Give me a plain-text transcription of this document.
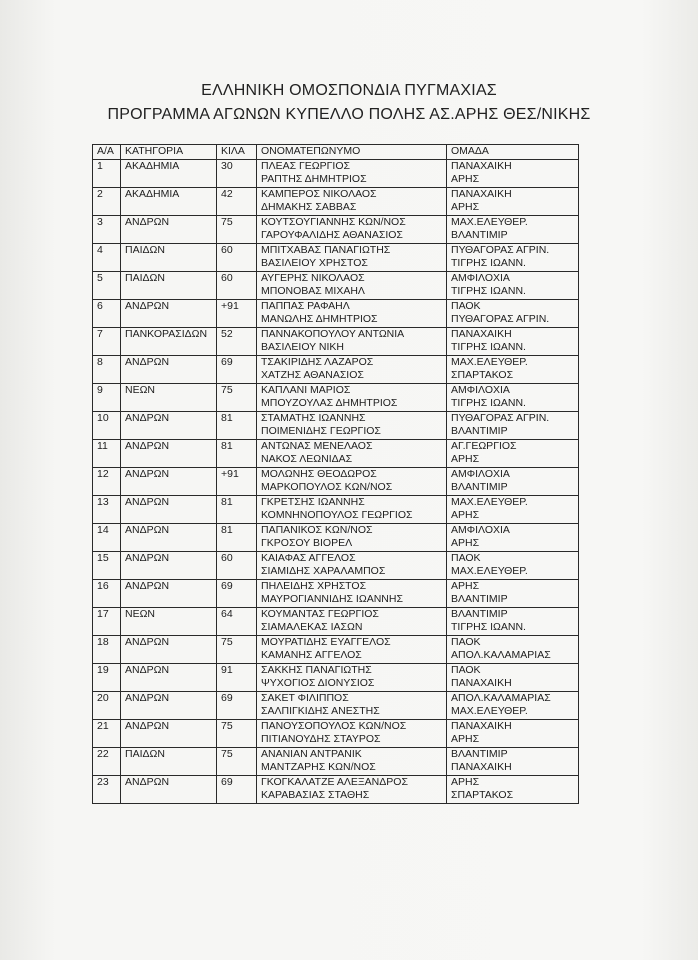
ΕΛΛΗΝΙΚΗ ΟΜΟΣΠΟΝΔΙΑ ΠΥΓΜΑΧΙΑΣ
ΠΡΟΓΡΑΜΜΑ ΑΓΩΝΩΝ ΚΥΠΕΛΛΟ ΠΟΛΗΣ ΑΣ.ΑΡΗΣ ΘΕΣ/ΝΙΚΗΣ
Α/Α	ΚΑΤΗΓΟΡΙΑ	ΚΙΛΑ	ΟΝΟΜΑΤΕΠΩΝΥΜΟ	ΟΜΑΔΑ
1	ΑΚΑΔΗΜΙΑ	30	ΠΛΕΑΣ ΓΕΩΡΓΙΟΣ
ΡΑΠΤΗΣ ΔΗΜΗΤΡΙΟΣ	ΠΑΝΑΧΑΙΚΗ
ΑΡΗΣ

2	ΑΚΑΔΗΜΙΑ	42	ΚΑΜΠΕΡΟΣ ΝΙΚΟΛΑΟΣ
ΔΗΜΑΚΗΣ ΣΑΒΒΑΣ	ΠΑΝΑΧΑΙΚΗ
ΑΡΗΣ

3	ΑΝΔΡΩΝ	75	ΚΟΥΤΣΟΥΓΙΑΝΝΗΣ ΚΩΝ/ΝΟΣ
ΓΑΡΟΥΦΑΛΙΔΗΣ ΑΘΑΝΑΣΙΟΣ	ΜΑΧ.ΕΛΕΥΘΕΡ.
ΒΛΑΝΤΙΜΙΡ

4	ΠΑΙΔΩΝ	60	ΜΠΙΤΧΑΒΑΣ ΠΑΝΑΓΙΩΤΗΣ
ΒΑΣΙΛΕΙΟΥ ΧΡΗΣΤΟΣ	ΠΥΘΑΓΟΡΑΣ ΑΓΡΙΝ.
ΤΙΓΡΗΣ ΙΩΑΝΝ.

5	ΠΑΙΔΩΝ	60	ΑΥΓΕΡΗΣ ΝΙΚΟΛΑΟΣ
ΜΠΟΝΟΒΑΣ ΜΙΧΑΗΛ	ΑΜΦΙΛΟΧΙΑ
ΤΙΓΡΗΣ ΙΩΑΝΝ.

6	ΑΝΔΡΩΝ	+91	ΠΑΠΠΑΣ ΡΑΦΑΗΛ
ΜΑΝΩΛΗΣ ΔΗΜΗΤΡΙΟΣ	ΠΑΟΚ
ΠΥΘΑΓΟΡΑΣ ΑΓΡΙΝ.

7	ΠΑΝΚΟΡΑΣΙΔΩΝ	52	ΠΑΝΝΑΚΟΠΟΥΛΟΥ ΑΝΤΩΝΙΑ
ΒΑΣΙΛΕΙΟΥ ΝΙΚΗ	ΠΑΝΑΧΑΙΚΗ
ΤΙΓΡΗΣ ΙΩΑΝΝ.

8	ΑΝΔΡΩΝ	69	ΤΣΑΚΙΡΙΔΗΣ ΛΑΖΑΡΟΣ
ΧΑΤΖΗΣ ΑΘΑΝΑΣΙΟΣ	ΜΑΧ.ΕΛΕΥΘΕΡ.
ΣΠΑΡΤΑΚΟΣ

9	ΝΕΩΝ	75	ΚΑΠΛΑΝΙ ΜΑΡΙΟΣ
ΜΠΟΥΖΟΥΛΑΣ ΔΗΜΗΤΡΙΟΣ	ΑΜΦΙΛΟΧΙΑ
ΤΙΓΡΗΣ ΙΩΑΝΝ.

10	ΑΝΔΡΩΝ	81	ΣΤΑΜΑΤΗΣ ΙΩΑΝΝΗΣ
ΠΟΙΜΕΝΙΔΗΣ ΓΕΩΡΓΙΟΣ	ΠΥΘΑΓΟΡΑΣ ΑΓΡΙΝ.
ΒΛΑΝΤΙΜΙΡ

11	ΑΝΔΡΩΝ	81	ΑΝΤΩΝΑΣ ΜΕΝΕΛΑΟΣ
ΝΑΚΟΣ ΛΕΩΝΙΔΑΣ	ΑΓ.ΓΕΩΡΓΙΟΣ
ΑΡΗΣ

12	ΑΝΔΡΩΝ	+91	ΜΟΛΩΝΗΣ ΘΕΟΔΩΡΟΣ
ΜΑΡΚΟΠΟΥΛΟΣ ΚΩΝ/ΝΟΣ	ΑΜΦΙΛΟΧΙΑ
ΒΛΑΝΤΙΜΙΡ

13	ΑΝΔΡΩΝ	81	ΓΚΡΕΤΣΗΣ ΙΩΑΝΝΗΣ
ΚΟΜΝΗΝΟΠΟΥΛΟΣ ΓΕΩΡΓΙΟΣ	ΜΑΧ.ΕΛΕΥΘΕΡ.
ΑΡΗΣ

14	ΑΝΔΡΩΝ	81	ΠΑΠΑΝΙΚΟΣ ΚΩΝ/ΝΟΣ
ΓΚΡΟΣΟΥ ΒΙΟΡΕΛ	ΑΜΦΙΛΟΧΙΑ
ΑΡΗΣ

15	ΑΝΔΡΩΝ	60	ΚΑΙΑΦΑΣ ΑΓΓΕΛΟΣ
ΣΙΑΜΙΔΗΣ ΧΑΡΑΛΑΜΠΟΣ	ΠΑΟΚ
ΜΑΧ.ΕΛΕΥΘΕΡ.

16	ΑΝΔΡΩΝ	69	ΠΗΛΕΙΔΗΣ ΧΡΗΣΤΟΣ
ΜΑΥΡΟΓΙΑΝΝΙΔΗΣ ΙΩΑΝΝΗΣ	ΑΡΗΣ
ΒΛΑΝΤΙΜΙΡ

17	ΝΕΩΝ	64	ΚΟΥΜΑΝΤΑΣ ΓΕΩΡΓΙΟΣ
ΣΙΑΜΑΛΕΚΑΣ ΙΑΣΩΝ	ΒΛΑΝΤΙΜΙΡ
ΤΙΓΡΗΣ ΙΩΑΝΝ.

18	ΑΝΔΡΩΝ	75	ΜΟΥΡΑΤΙΔΗΣ ΕΥΑΓΓΕΛΟΣ
ΚΑΜΑΝΗΣ ΑΓΓΕΛΟΣ	ΠΑΟΚ
ΑΠΟΛ.ΚΑΛΑΜΑΡΙΑΣ

19	ΑΝΔΡΩΝ	91	ΣΑΚΚΗΣ ΠΑΝΑΓΙΩΤΗΣ
ΨΥΧΟΓΙΟΣ ΔΙΟΝΥΣΙΟΣ	ΠΑΟΚ
ΠΑΝΑΧΑΙΚΗ

20	ΑΝΔΡΩΝ	69	ΣΑΚΕΤ ΦΙΛΙΠΠΟΣ
ΣΑΛΠΙΓΚΙΔΗΣ ΑΝΕΣΤΗΣ	ΑΠΟΛ.ΚΑΛΑΜΑΡΙΑΣ
ΜΑΧ.ΕΛΕΥΘΕΡ.

21	ΑΝΔΡΩΝ	75	ΠΑΝΟΥΣΟΠΟΥΛΟΣ ΚΩΝ/ΝΟΣ
ΠΙΤΙΑΝΟΥΔΗΣ ΣΤΑΥΡΟΣ	ΠΑΝΑΧΑΙΚΗ
ΑΡΗΣ

22	ΠΑΙΔΩΝ	75	ΑΝΑΝΙΑΝ ΑΝΤΡΑΝΙΚ
ΜΑΝΤΖΑΡΗΣ ΚΩΝ/ΝΟΣ	ΒΛΑΝΤΙΜΙΡ
ΠΑΝΑΧΑΙΚΗ

23	ΑΝΔΡΩΝ	69	ΓΚΟΓΚΑΛΑΤΖΕ ΑΛΕΞΑΝΔΡΟΣ
ΚΑΡΑΒΑΣΙΑΣ ΣΤΑΘΗΣ	ΑΡΗΣ
ΣΠΑΡΤΑΚΟΣ
